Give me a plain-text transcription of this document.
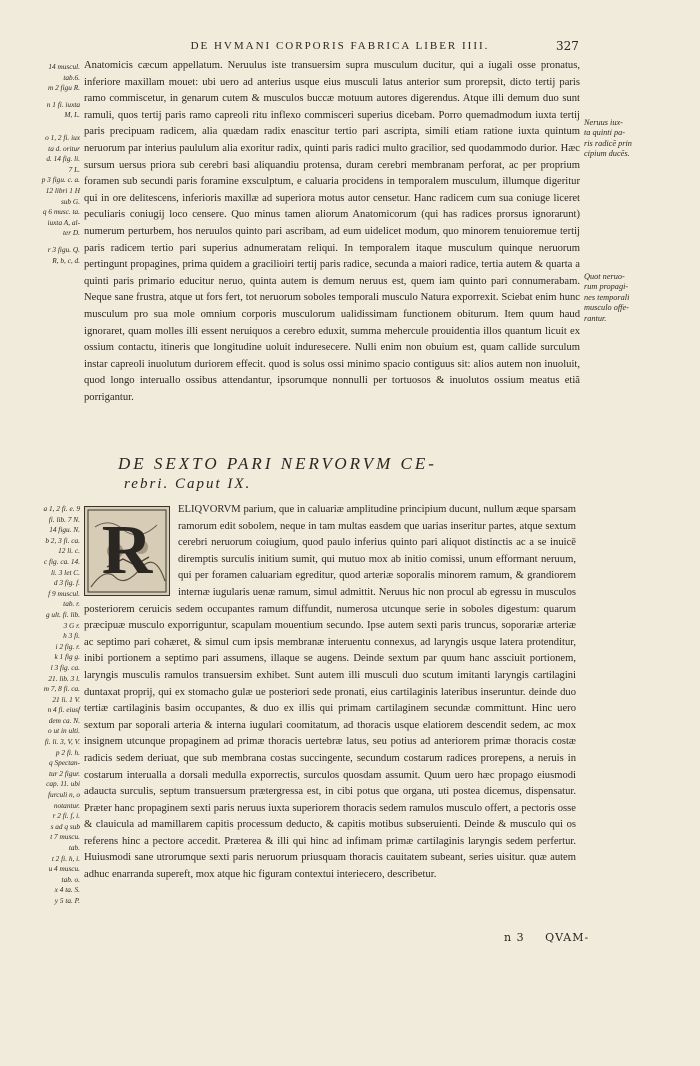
DE HVMANI CORPORIS FABRICA LIBER IIII.	327
14 muscul.
tab.6.
m 2 figu R.
n 1 fi. iuxta
M, L.
o 1, 2 fi. iux
ta d. oritur
d. 14 fig. li.
7 L.
p 3 figu. c. a.
12 libri 1 H
sub G.
q 6 musc. ta.
iuxta A, al-
ter D.
r 3 figu. Q.
R, b, c, d.
Anatomicis cæcum appellatum. Neruulus iste transuersim supra musculum ducitur, qui a iugali osse pronatus, inferiore maxillam mouet: ubi uero ad anterius usque eius musculi latus anterior sum prorepsit, dicto tertij paris ramo commiscetur, in genarum cutem & musculos buccæ motuum autores digerendus. Atque illi demum duo sunt ramuli, quos tertij paris ramo capreoli ritu inflexo commisceri superius dicebam. Porro quemadmodum iuxta tertij paris precipuam radicem, alia quædam radix enascitur tertio pari ascripta, simili etiam ratione iuxta quintum neruorum par interius paululum alia exoritur radix, quinti paris radici multo gracilior, sed quodammodo durior. Hæc sursum uersus priora sub cerebri basi aliquandiu protensa, duram cerebri membranam perforat, ac per proprium foramen sub secundi paris foramine exsculptum, e caluaria procidens in temporalem musculum, illumque digeritur qui in ore delitescens, inferioris maxillæ ad superiora motus autor censetur. Hanc radicem cum sua coniuge liceret peculiaris coniugij loco censere. Quo minus tamen aliorum Anatomicorum (qui has radices prorsus ignorarunt) numerum perturbem, hos neruulos quinto pari ascribam, ad eum uidelicet modum, quo minorem tenuioremue tertij paris radicem tertio pari superius adnumeratam reliqui. In temporalem itaque musculum quinque neruorum pertingunt propagines, prima quidem a gracilioiri tertij paris radice, secunda a maiori radice, tertia autem & quarta a quinti paris primario educitur neruo, quinta autem is demum neruus est, quem iam quinto pari connumerabam. Neque sane frustra, atque ut fors fert, tot neruorum soboles temporali musculo Natura exporrexit. Sciebat enim hunc musculum pro sua mole omnium corporis musculorum ualidissimam functionem obiturum. Item quum haud ignoraret, quam molles illi essent neruiquos a cerebro eduxit, summa mehercule prouidentia illos quantum licuit ex ossium contactu, itineris que longitudine uoluit induresecere. Nulli enim non obuium est, quam callide surculum instar capreoli inuolutum duriorem effecit. quod is solus ossi minimo spacio contiguus sit: alios autem non inuoluit, quod longo interuallo ossibus attendantur, ipsorumque nonnulli per tortuosos & inuolutos ossium meatus etiã porrigantur.
Neruus iux-
ta quinti pa-
ris radicē prin
cipium ducēs.
Quot neruo-
rum propagi-
nes temporali
musculo offe-
rantur.
DE SEXTO PARI NERVORVM CE-
rebri. Caput IX.
a 1, 2 fi. e. 9
fi. lib. 7 N.
14 figu. N.
b 2, 3 fi. ca.
12 li. c.
c fig. ca. 14.
li. 3 let C.
d 3 fig. f.
f 9 muscul.
tab. r.
g ult. fi. lib.
3 G r.
h 3 fi.
i 2 fig. r.
k 1 fig g.
l 3 fig. ca.
21. lib. 3 l.
m 7, 8 fi. ca.
21 li. 1 V.
n 4 fi. eiusf
dem ca. N.
o ut in ulti.
fi. li. 3, V, V.
p 2 fi. h.
q Spectan-
tur 2 figur.
cap. 11. ubi
furculi n, o
notantur.
r 2 fi. f, i.
s ad q sub
t 7 muscu.
tab.
t 2 fi. h, i.
u 4 muscu.
tab. o.
x 4 ta. S.
y 5 ta. P.
R
ELIQVORVM parium, que in caluariæ amplitudine principium ducunt, nullum æque sparsam ramorum edit sobolem, neque in tam multas easdem que uarias inseritur partes, atque sextum cerebri neruorum coiugium, quod paulo inferius quinto pari aliquot distinctis ac a se inuicē diremptis surculis initium sumit, qui mutuo mox ab initio comissi, unum efformant neruum, qui per foramen caluariam egreditur, quod arteriæ soporalis minorem ramum, & grandiorem internæ iugularis uenæ ramum, simul admittit. Neruus hic non procul ab egressu in musculos posteriorem ceruicis sedem occupantes ramum diffundit, numerosa utcunque serie in soboles digestum: quarum præcipuæ musculo exporriguntur, scapulam mouentium secundo. Ipse autem sexti paris truncus, soporariæ arteriæ ac septimo pari cohæret, & simul cum ipsis membranæ interuentu connexus, ad laryngis usque latera protenditur, inibi portionem a septimo pari assumens, illaque se augens. Deinde sextum par quum hanc assciuit portionem, laryngis musculis ramulos transuersim exhibet. Sunt autem illi musculi duo scutum imitanti laryngis cartilagini duntaxat proprij, qui ex stomacho gulæ ue posteriori sede pronati, eius cartilaginis lateribus inseruntur. deinde duo tertiæ cartilaginis basim occupantes, & duo ex illis qui primam cartilaginem secundæ committunt. Hinc uero sextum par soporali arteria & interna iugulari coomitatum, ad thoracis usque elatiorem descendit sedem, ac mox insignem utcunque propaginem ad primæ thoracis uertebræ latus, seu potius ad anteriorem primæ thoracis costæ radicis sedem deriuat, que sub membrana costas succingente, secundum costarum radices prorepens, a neruis in costarum interualla a dorsali medulla exporrectis, surculos quosdam assumit. Quum uero hæc propago eiusmodi adaucta surculis, septum transuersum prætergressa est, in cibi potus que organa, uti postea dicemus, dispensatur. Præter hanc propaginem sexti paris neruus iuxta superiorem thoracis sedem ramulos musculo offert, a pectoris osse & clauicula ad mamillarem capitis processum deducto, & capitis motibus subseruienti. Deinde & musculo qui os referens hinc a pectore accedit. Præterea & illi qui hinc ad infimam primæ cartilaginis laryngis sedem perfertur. Huiusmodi sane utrorumque sexti paris neruorum priusquam thoracis cauitatem subeant, series uisitur. quæ autem adhuc enarranda supereft, mox atque hic figuram contextui interiecero, describetur.
n 3 QVAM-
